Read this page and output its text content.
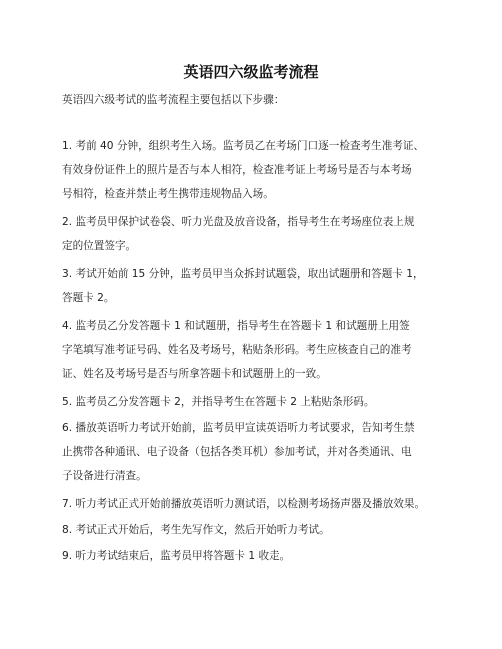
英语四六级监考流程
英语四六级考试的监考流程主要包括以下步骤：
1. 考前 40 分钟，组织考生入场。监考员乙在考场门口逐一检查考生准考证、
有效身份证件上的照片是否与本人相符，检查准考证上考场号是否与本考场
号相符，检查并禁止考生携带违规物品入场。
2. 监考员甲保护试卷袋、听力光盘及放音设备，指导考生在考场座位表上规
定的位置签字。
3. 考试开始前 15 分钟，监考员甲当众拆封试题袋，取出试题册和答题卡 1，
答题卡 2。
4. 监考员乙分发答题卡 1 和试题册，指导考生在答题卡 1 和试题册上用签
字笔填写准考证号码、姓名及考场号，粘贴条形码。考生应核查自己的准考
证、姓名及考场号是否与所拿答题卡和试题册上的一致。
5. 监考员乙分发答题卡 2，并指导考生在答题卡 2 上粘贴条形码。
6. 播放英语听力考试开始前，监考员甲宣读英语听力考试要求，告知考生禁
止携带各种通讯、电子设备（包括各类耳机）参加考试，并对各类通讯、电
子设备进行清查。
7. 听力考试正式开始前播放英语听力测试语，以检测考场扬声器及播放效果。
8. 考试正式开始后，考生先写作文，然后开始听力考试。
9. 听力考试结束后，监考员甲将答题卡 1 收走。
